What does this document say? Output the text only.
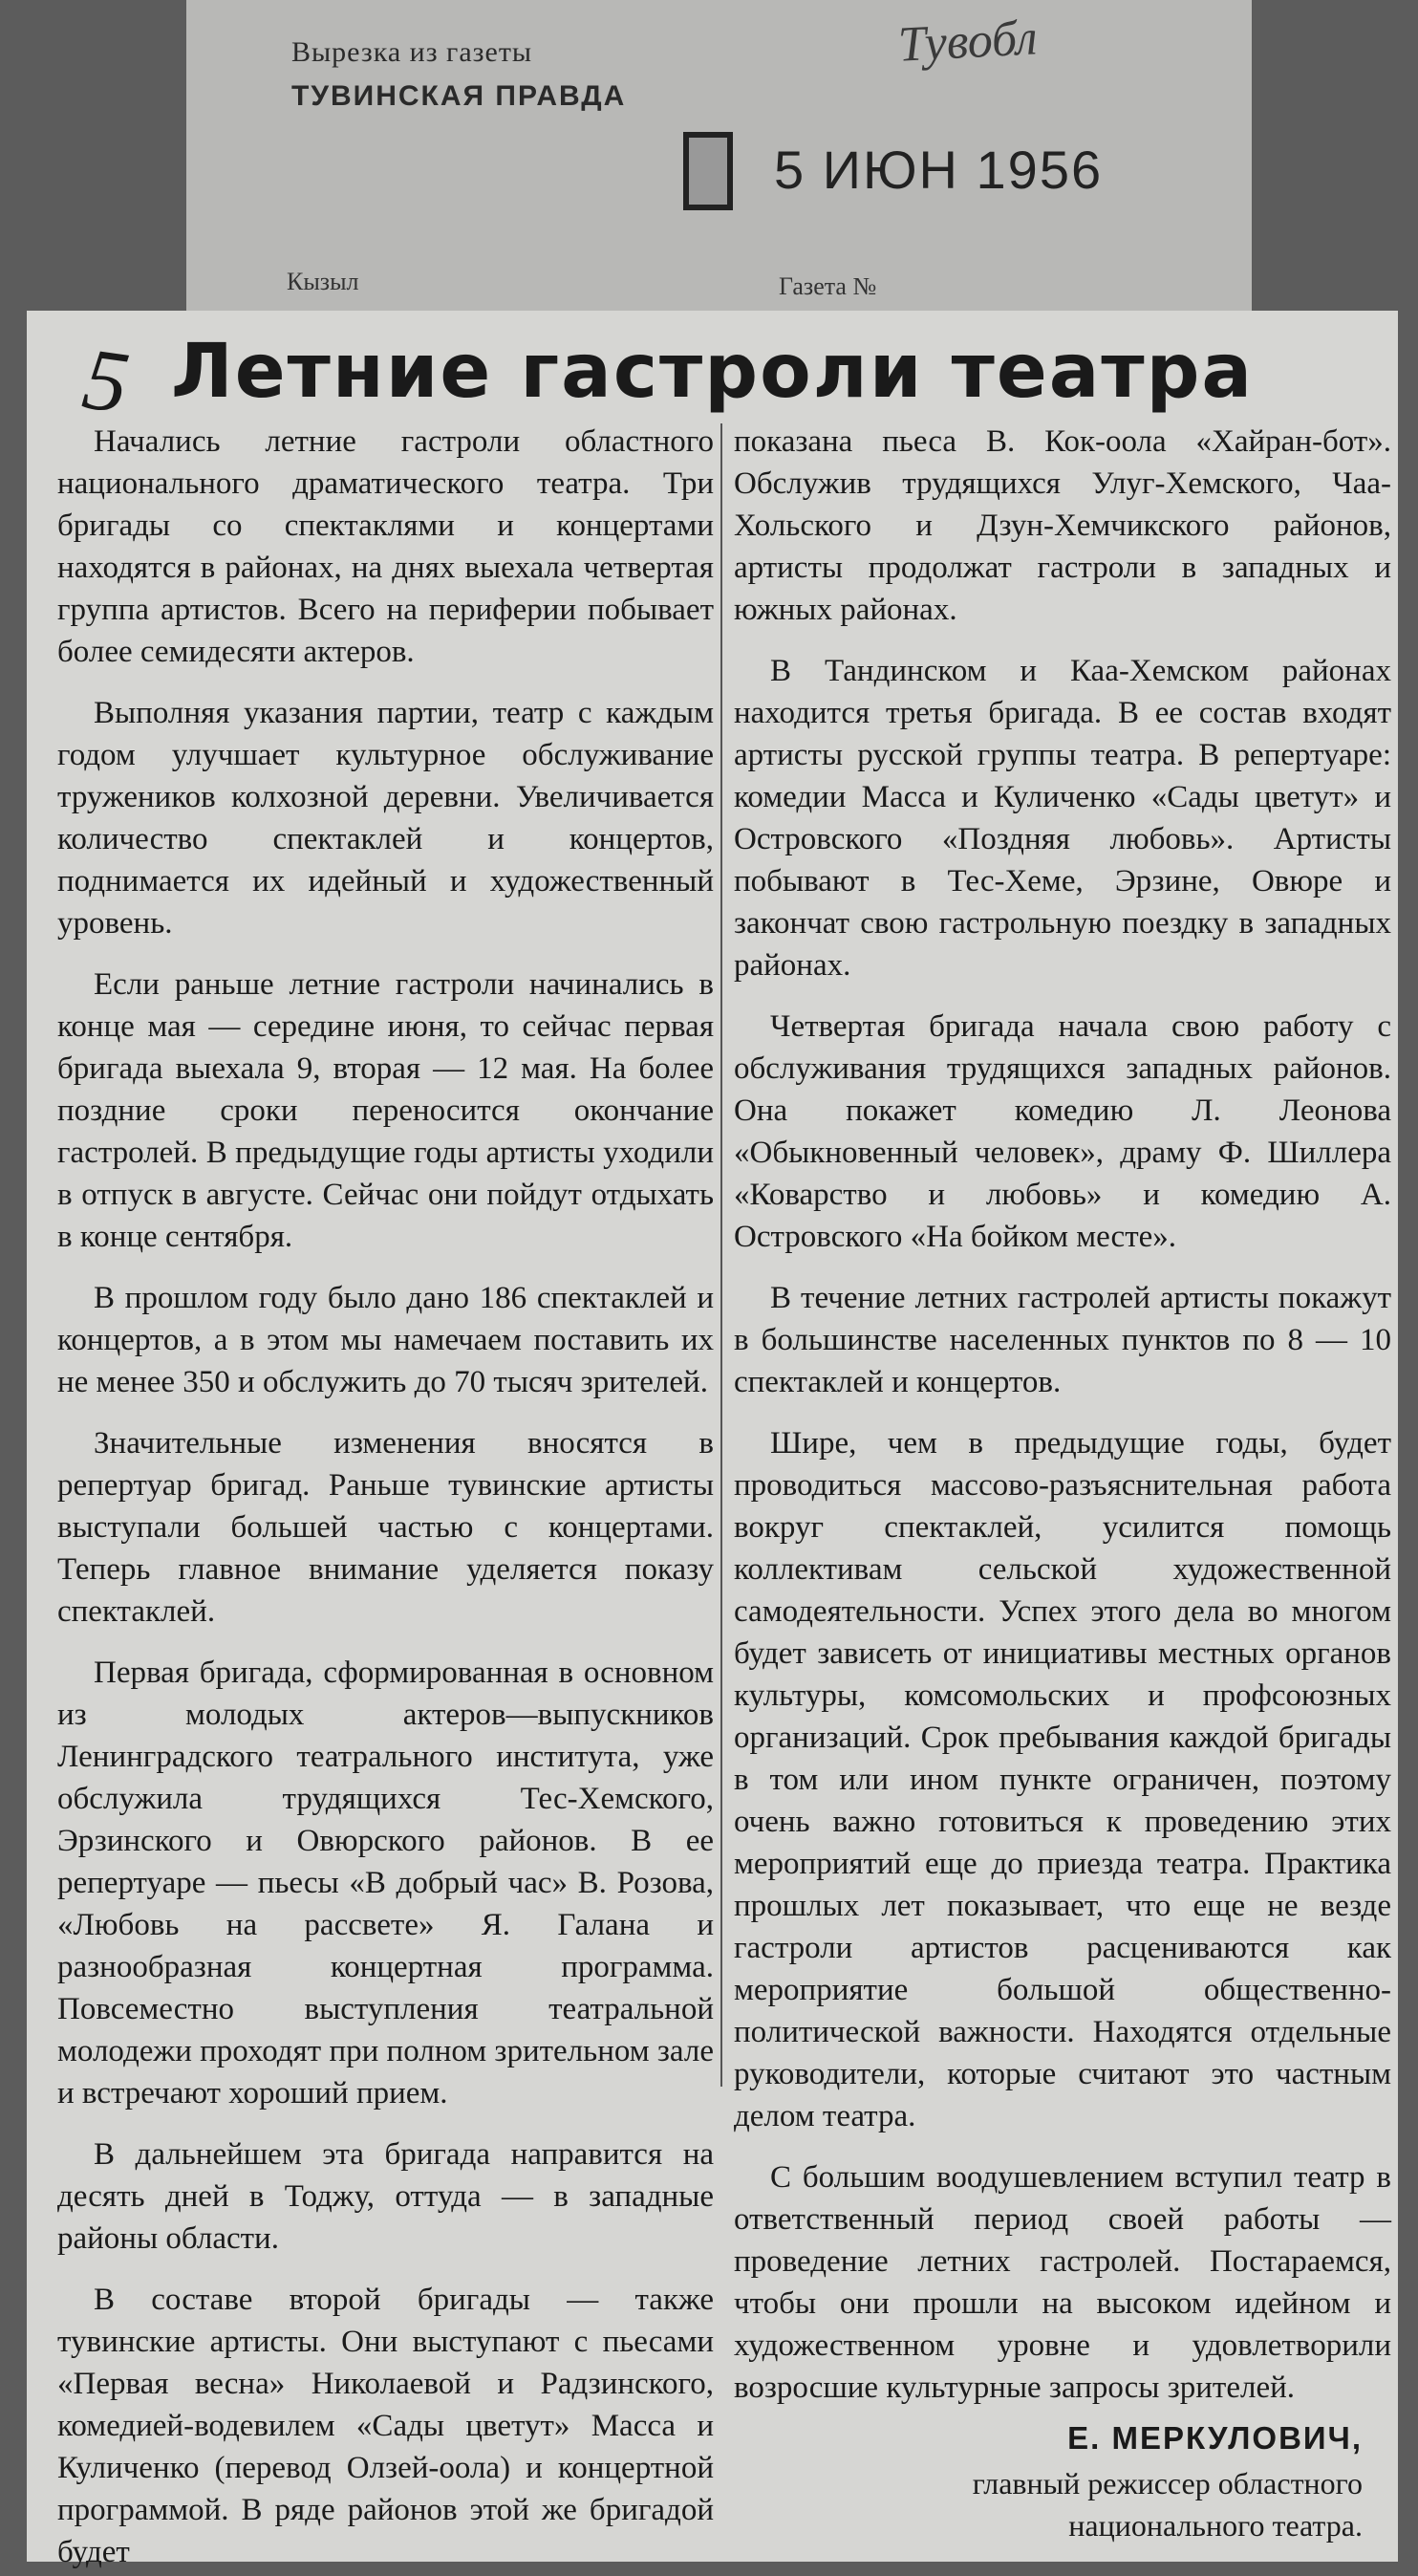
Вырезка из газеты
ТУВИНСКАЯ ПРАВДА
Тувобл
5 ИЮН 1956
Кызыл	Газета №
Летние гастроли театра
5

Начались летние гастроли областного национального драматического театра. Три бригады со спектаклями и концертами находятся в районах, на днях выехала четвертая группа артистов. Всего на периферии побывает более семидесяти актеров.

Выполняя указания партии, театр с каждым годом улучшает культурное обслуживание тружеников колхозной деревни. Увеличивается количество спектаклей и концертов, поднимается их идейный и художественный уровень.

Если раньше летние гастроли начинались в конце мая — середине июня, то сейчас первая бригада выехала 9, вторая — 12 мая. На более поздние сроки переносится окончание гастролей. В предыдущие годы артисты уходили в отпуск в августе. Сейчас они пойдут отдыхать в конце сентября.

В прошлом году было дано 186 спектаклей и концертов, а в этом мы намечаем поставить их не менее 350 и обслужить до 70 тысяч зрителей.

Значительные изменения вносятся в репертуар бригад. Раньше тувинские артисты выступали большей частью с концертами. Теперь главное внимание уделяется показу спектаклей.

Первая бригада, сформированная в основном из молодых актеров—выпускников Ленинградского театрального института, уже обслужила трудящихся Тес-Хемского, Эрзинского и Овюрского районов. В ее репертуаре — пьесы «В добрый час» В. Розова, «Любовь на рассвете» Я. Галана и разнообразная концертная программа. Повсеместно выступления театральной молодежи проходят при полном зрительном зале и встречают хороший прием.

В дальнейшем эта бригада направится на десять дней в Тоджу, оттуда — в западные районы области.

В составе второй бригады — также тувинские артисты. Они выступают с пьесами «Первая весна» Николаевой и Радзинского, комедией-водевилем «Сады цветут» Масса и Куличенко (перевод Олзей-оола) и концертной программой. В ряде районов этой же бригадой будет

показана пьеса В. Кок-оола «Хайран-бот». Обслужив трудящихся Улуг-Хемского, Чаа-Хольского и Дзун-Хемчикского районов, артисты продолжат гастроли в западных и южных районах.

В Тандинском и Каа-Хемском районах находится третья бригада. В ее состав входят артисты русской группы театра. В репертуаре: комедии Масса и Куличенко «Сады цветут» и Островского «Поздняя любовь». Артисты побывают в Тес-Хеме, Эрзине, Овюре и закончат свою гастрольную поездку в западных районах.

Четвертая бригада начала свою работу с обслуживания трудящихся западных районов. Она покажет комедию Л. Леонова «Обыкновенный человек», драму Ф. Шиллера «Коварство и любовь» и комедию А. Островского «На бойком месте».

В течение летних гастролей артисты покажут в большинстве населенных пунктов по 8 — 10 спектаклей и концертов.

Шире, чем в предыдущие годы, будет проводиться массово-разъяснительная работа вокруг спектаклей, усилится помощь коллективам сельской художественной самодеятельности. Успех этого дела во многом будет зависеть от инициативы местных органов культуры, комсомольских и профсоюзных организаций. Срок пребывания каждой бригады в том или ином пункте ограничен, поэтому очень важно готовиться к проведению этих мероприятий еще до приезда театра. Практика прошлых лет показывает, что еще не везде гастроли артистов расцениваются как мероприятие большой общественно-политической важности. Находятся отдельные руководители, которые считают это частным делом театра.

С большим воодушевлением вступил театр в ответственный период своей работы — проведение летних гастролей. Постараемся, чтобы они прошли на высоком идейном и художественном уровне и удовлетворили возросшие культурные запросы зрителей.

Е. МЕРКУЛОВИЧ,
главный режиссер областного
национального театра.
